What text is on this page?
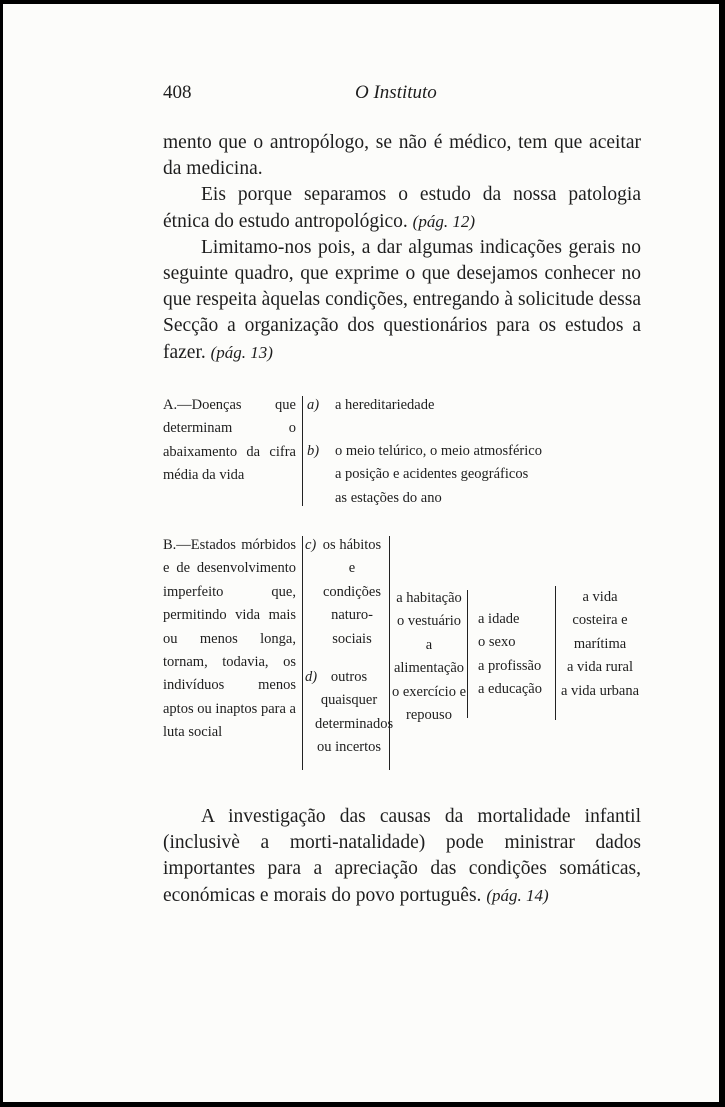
408	O Instituto

mento que o antropólogo, se não é médico, tem que aceitar da medicina.

Eis porque separamos o estudo da nossa patologia étnica do estudo antropológico. (pág. 12)

Limitamo-nos pois, a dar algumas indicações gerais no seguinte quadro, que exprime o que desejamos conhecer no que respeita àquelas condições, entregando à solicitude dessa Secção a organização dos questionários para os estudos a fazer. (pág. 13)

A.—Doenças que determinam o abaixamento da cifra média da vida

a) a hereditariedade
b) o meio telúrico, o meio atmosférico

a posição e acidentes geográficos

as estações do ano

B.—Estados mórbidos e de desenvolvimento imperfeito que, permitindo vida mais ou menos longa, tornam, todavia, os indivíduos menos aptos ou inaptos para a luta social

c) os hábitos e condições naturo-sociais

d) outros quaisquer determinados ou incertos

a habitação

o vestuário

a alimentação

o exercício e repouso

a idade

o sexo

a profissão

a educação

a vida costeira e marítima

a vida rural

a vida urbana

A investigação das causas da mortalidade infantil (inclusivè a morti-natalidade) pode ministrar dados importantes para a apreciação das condições somáticas, económicas e morais do povo português. (pág. 14)
